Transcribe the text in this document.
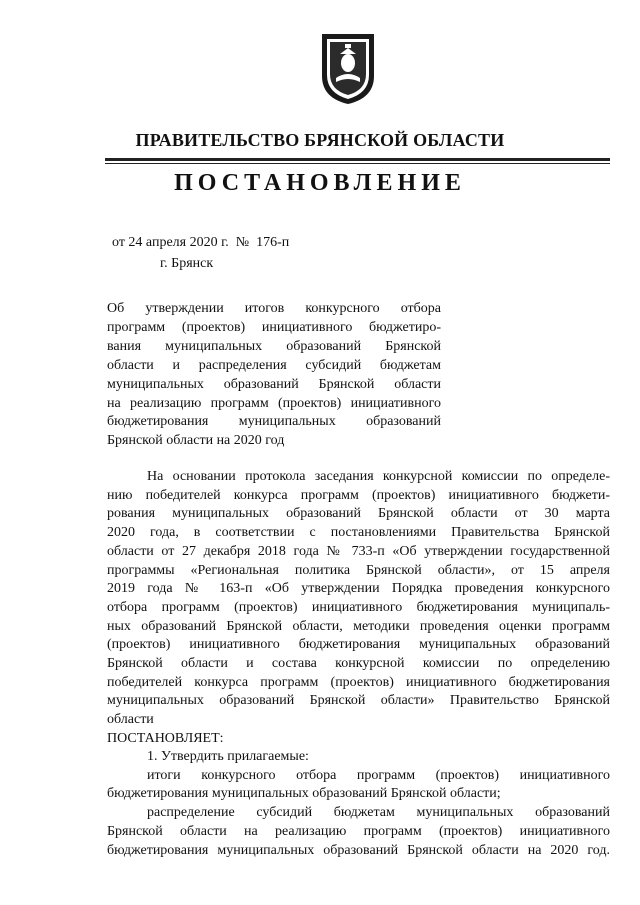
ПРАВИТЕЛЬСТВО БРЯНСКОЙ ОБЛАСТИ
ПОСТАНОВЛЕНИЕ
от 24 апреля 2020 г.  №  176-п
г. Брянск
Об утверждении итогов конкурсного отбора
программ (проектов) инициативного бюджетиро-
вания муниципальных образований Брянской
области и распределения субсидий бюджетам
муниципальных образований Брянской области
на реализацию программ (проектов) инициативного
бюджетирования муниципальных образований
Брянской области на 2020 год
На основании протокола заседания конкурсной комиссии по определе-
нию победителей конкурса программ (проектов) инициативного бюджети-
рования муниципальных образований Брянской области от 30 марта
2020 года, в соответствии с постановлениями Правительства Брянской
области от 27 декабря 2018 года № 733-п «Об утверждении государственной
программы «Региональная политика Брянской области», от 15 апреля
2019 года № 163-п «Об утверждении Порядка проведения конкурсного
отбора программ (проектов) инициативного бюджетирования муниципаль-
ных образований Брянской области, методики проведения оценки программ
(проектов) инициативного бюджетирования муниципальных образований
Брянской области и состава конкурсной комиссии по определению
победителей конкурса программ (проектов) инициативного бюджетирования
муниципальных образований Брянской области» Правительство Брянской
области
ПОСТАНОВЛЯЕТ:
1. Утвердить прилагаемые:
итоги конкурсного отбора программ (проектов) инициативного
бюджетирования муниципальных образований Брянской области;
распределение субсидий бюджетам муниципальных образований
Брянской области на реализацию программ (проектов) инициативного
бюджетирования муниципальных образований Брянской области на 2020 год.
